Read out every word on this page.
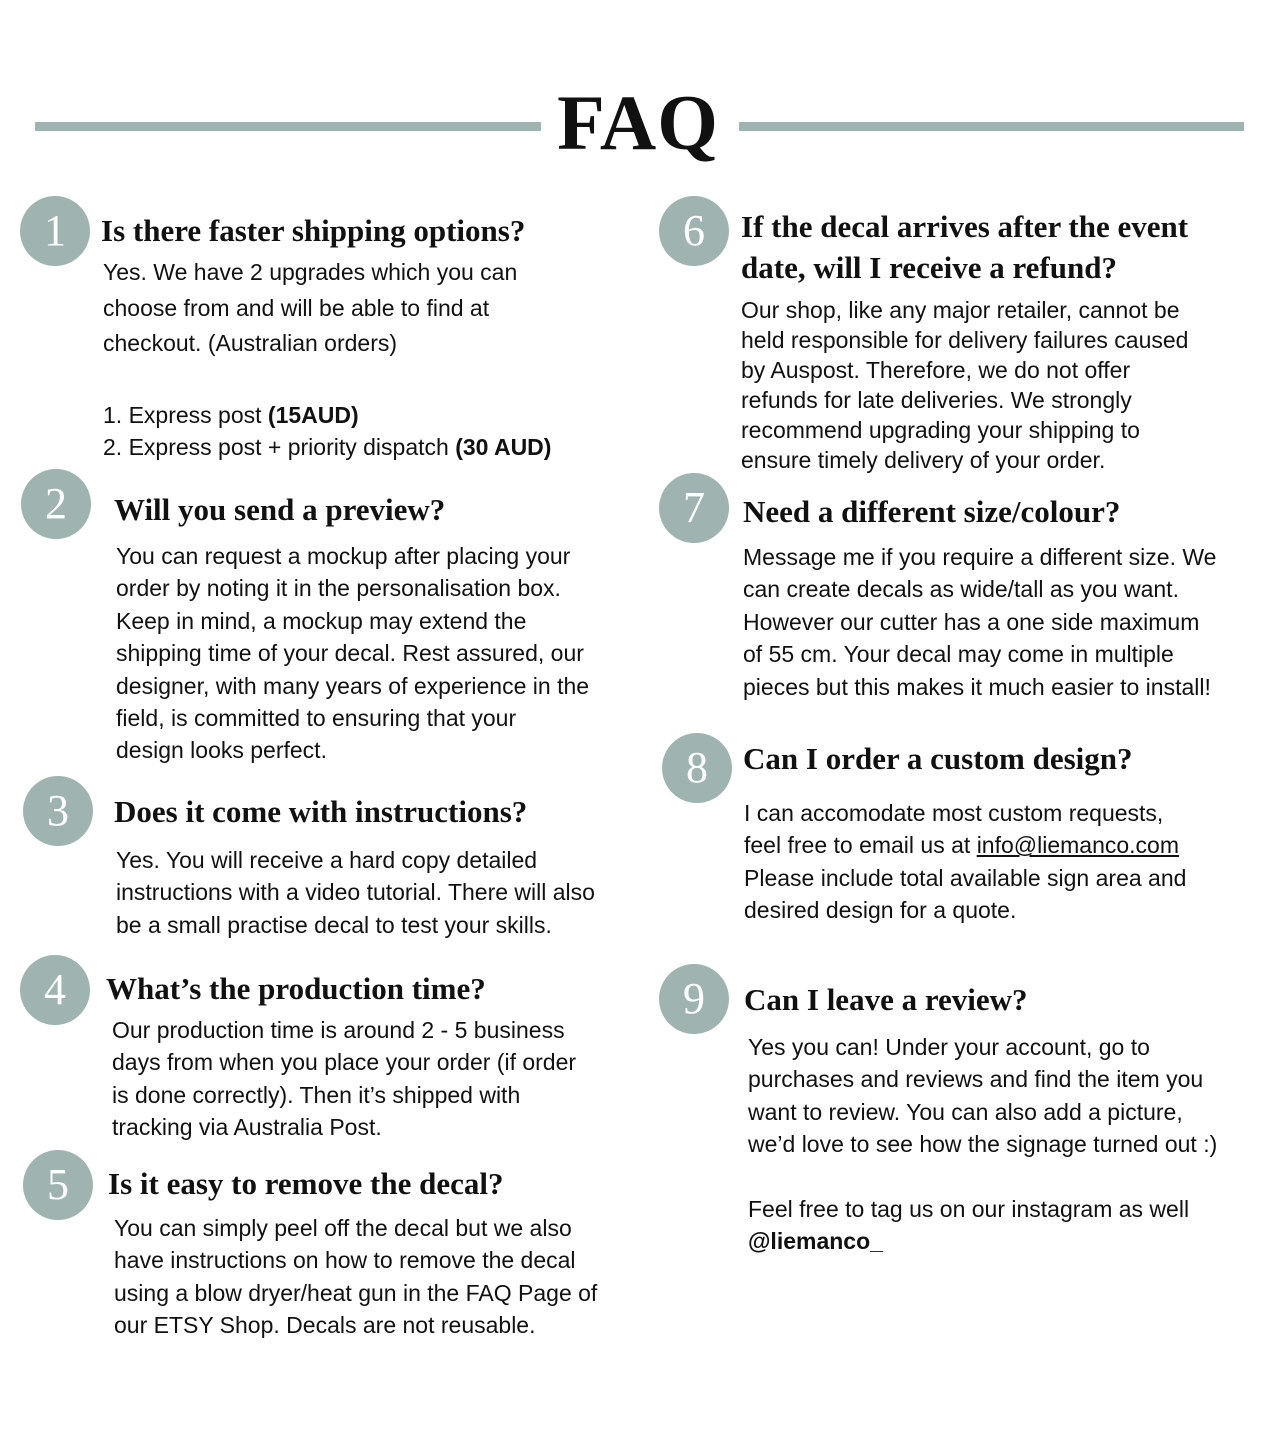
FAQ
1	Is there faster shipping options?
Yes. We have 2 upgrades which you can
choose from and will be able to find at
checkout. (Australian orders)
1. Express post (15AUD)
2. Express post + priority dispatch (30 AUD)
2	Will you send a preview?
You can request a mockup after placing your
order by noting it in the personalisation box.
Keep in mind, a mockup may extend the
shipping time of your decal. Rest assured, our
designer, with many years of experience in the
field, is committed to ensuring that your
design looks perfect.
3	Does it come with instructions?
Yes. You will receive a hard copy detailed
instructions with a video tutorial. There will also
be a small practise decal to test your skills.
4	What’s the production time?
Our production time is around 2 - 5 business
days from when you place your order (if order
is done correctly). Then it’s shipped with
tracking via Australia Post.
5	Is it easy to remove the decal?
You can simply peel off the decal but we also
have instructions on how to remove the decal
using a blow dryer/heat gun in the FAQ Page of
our ETSY Shop. Decals are not reusable.
6	If the decal arrives after the event
date, will I receive a refund?
Our shop, like any major retailer, cannot be
held responsible for delivery failures caused
by Auspost. Therefore, we do not offer
refunds for late deliveries. We strongly
recommend upgrading your shipping to
ensure timely delivery of your order.
7	Need a different size/colour?
Message me if you require a different size. We
can create decals as wide/tall as you want.
However our cutter has a one side maximum
of 55 cm. Your decal may come in multiple
pieces but this makes it much easier to install!
8	Can I order a custom design?
I can accomodate most custom requests,
feel free to email us at info@liemanco.com
Please include total available sign area and
desired design for a quote.
9	Can I leave a review?
Yes you can! Under your account, go to
purchases and reviews and find the item you
want to review. You can also add a picture,
we’d love to see how the signage turned out :)
Feel free to tag us on our instagram as well
@liemanco_
